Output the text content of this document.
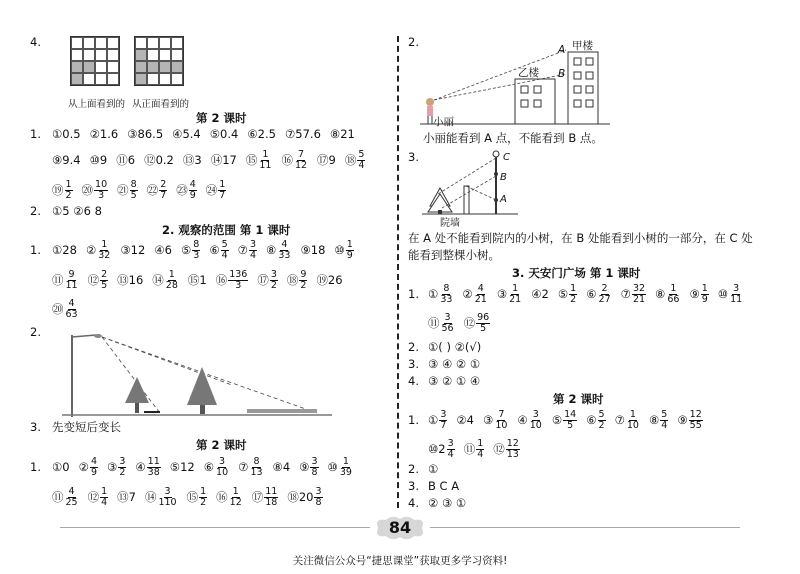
4.
从上面看到的 从正面看到的
第 2 课时
1. ①0.5 ②1.6 ③86.5 ④5.4 ⑤0.4 ⑥2.5 ⑦57.6 ⑧21
⑨9.4 ⑩9 ⑪6 ⑫0.2 ⑬3 ⑭17 ⑮ $\frac{1}{11}$ ⑯ $\frac{7}{12}$ ⑰9 ⑱ $\frac{5}{4}$
⑲ $\frac{1}{2}$ ⑳ $\frac{10}{3}$ ㉑ $\frac{8}{5}$ ㉒ $\frac{2}{7}$ ㉓ $\frac{4}{9}$ ㉔ $\frac{1}{7}$
2. ①5 ②6 8
2. 观察的范围 第 1 课时
1. ①28 ② $\frac{1}{32}$ ③12 ④6 ⑤ $\frac{8}{3}$ ⑥ $\frac{5}{4}$ ⑦ $\frac{3}{4}$ ⑧ $\frac{4}{33}$ ⑨18 ⑩ $\frac{1}{9}$
⑪ $\frac{9}{11}$ ⑫ $\frac{2}{5}$ ⑬16 ⑭ $\frac{1}{28}$ ⑮1 ⑯ $\frac{136}{3}$ ⑰ $\frac{3}{2}$ ⑱ $\frac{9}{2}$ ⑲26
⑳ $\frac{4}{63}$
2.
3. 先变短后变长
第 2 课时
1. ①0 ② $\frac{4}{9}$ ③ $\frac{3}{2}$ ④ $\frac{11}{38}$ ⑤12 ⑥ $\frac{3}{10}$ ⑦ $\frac{8}{13}$ ⑧4 ⑨ $\frac{3}{8}$ ⑩ $\frac{1}{39}$
⑪ $\frac{4}{25}$ ⑫ $\frac{1}{4}$ ⑬7 ⑭ $\frac{3}{110}$ ⑮ $\frac{1}{2}$ ⑯ $\frac{1}{12}$ ⑰ $\frac{11}{18}$ ⑱20 $\frac{3}{8}$
2.	甲楼
乙楼
A
B
小丽
小丽能看到 A 点，不能看到 B 点。
3.	C
B
A
院墙
在 A 处不能看到院内的小树，在 B 处能看到小树的一部分，在 C 处
能看到整棵小树。
3. 天安门广场 第 1 课时
1. ① $\frac{8}{33}$ ② $\frac{4}{21}$ ③ $\frac{1}{21}$ ④2 ⑤ $\frac{1}{2}$ ⑥ $\frac{2}{27}$ ⑦ $\frac{32}{21}$ ⑧ $\frac{1}{66}$ ⑨ $\frac{1}{9}$ ⑩ $\frac{3}{11}$
⑪ $\frac{3}{56}$ ⑫ $\frac{96}{5}$
2. ①( ) ②(√)
3. ③ ④ ② ①
4. ③ ② ① ④
第 2 课时
1. ① $\frac{3}{7}$ ②4 ③ $\frac{7}{10}$ ④ $\frac{3}{10}$ ⑤ $\frac{14}{5}$ ⑥ $\frac{5}{2}$ ⑦ $\frac{1}{10}$ ⑧ $\frac{5}{4}$ ⑨ $\frac{12}{55}$
⑩2 $\frac{3}{4}$ ⑪ $\frac{1}{4}$ ⑫ $\frac{12}{13}$
2. ①
3. B C A
4. ② ③ ①
84
关注微信公众号“捷思课堂”获取更多学习资料!
